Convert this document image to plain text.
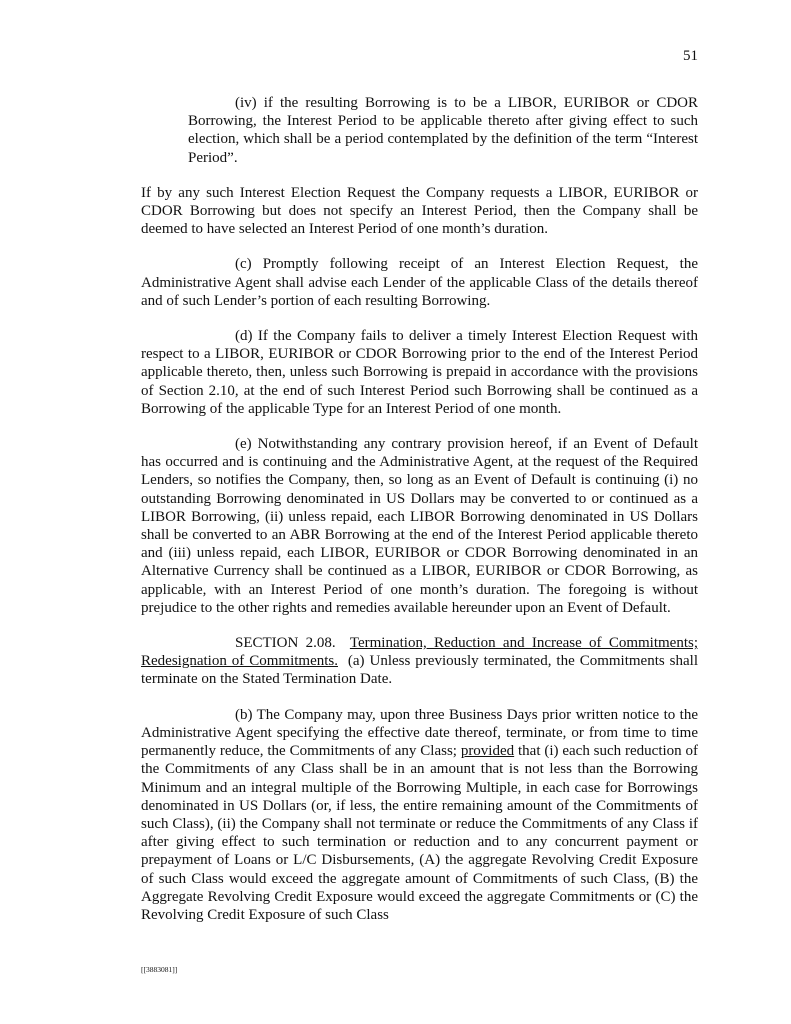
51

(iv) if the resulting Borrowing is to be a LIBOR, EURIBOR or CDOR Borrowing, the Interest Period to be applicable thereto after giving effect to such election, which shall be a period contemplated by the definition of the term “Interest Period”.

If by any such Interest Election Request the Company requests a LIBOR, EURIBOR or CDOR Borrowing but does not specify an Interest Period, then the Company shall be deemed to have selected an Interest Period of one month’s duration.

(c) Promptly following receipt of an Interest Election Request, the Administrative Agent shall advise each Lender of the applicable Class of the details thereof and of such Lender’s portion of each resulting Borrowing.

(d) If the Company fails to deliver a timely Interest Election Request with respect to a LIBOR, EURIBOR or CDOR Borrowing prior to the end of the Interest Period applicable thereto, then, unless such Borrowing is prepaid in accordance with the provisions of Section 2.10, at the end of such Interest Period such Borrowing shall be continued as a Borrowing of the applicable Type for an Interest Period of one month.

(e) Notwithstanding any contrary provision hereof, if an Event of Default has occurred and is continuing and the Administrative Agent, at the request of the Required Lenders, so notifies the Company, then, so long as an Event of Default is continuing (i) no outstanding Borrowing denominated in US Dollars may be converted to or continued as a LIBOR Borrowing, (ii) unless repaid, each LIBOR Borrowing denominated in US Dollars shall be converted to an ABR Borrowing at the end of the Interest Period applicable thereto and (iii) unless repaid, each LIBOR, EURIBOR or CDOR Borrowing denominated in an Alternative Currency shall be continued as a LIBOR, EURIBOR or CDOR Borrowing, as applicable, with an Interest Period of one month’s duration. The foregoing is without prejudice to the other rights and remedies available hereunder upon an Event of Default.

SECTION 2.08. Termination, Reduction and Increase of Commitments; Redesignation of Commitments. (a) Unless previously terminated, the Commitments shall terminate on the Stated Termination Date.

(b) The Company may, upon three Business Days prior written notice to the Administrative Agent specifying the effective date thereof, terminate, or from time to time permanently reduce, the Commitments of any Class; provided that (i) each such reduction of the Commitments of any Class shall be in an amount that is not less than the Borrowing Minimum and an integral multiple of the Borrowing Multiple, in each case for Borrowings denominated in US Dollars (or, if less, the entire remaining amount of the Commitments of such Class), (ii) the Company shall not terminate or reduce the Commitments of any Class if after giving effect to such termination or reduction and to any concurrent payment or prepayment of Loans or L/C Disbursements, (A) the aggregate Revolving Credit Exposure of such Class would exceed the aggregate amount of Commitments of such Class, (B) the Aggregate Revolving Credit Exposure would exceed the aggregate Commitments or (C) the Revolving Credit Exposure of such Class

[[3883081]]
